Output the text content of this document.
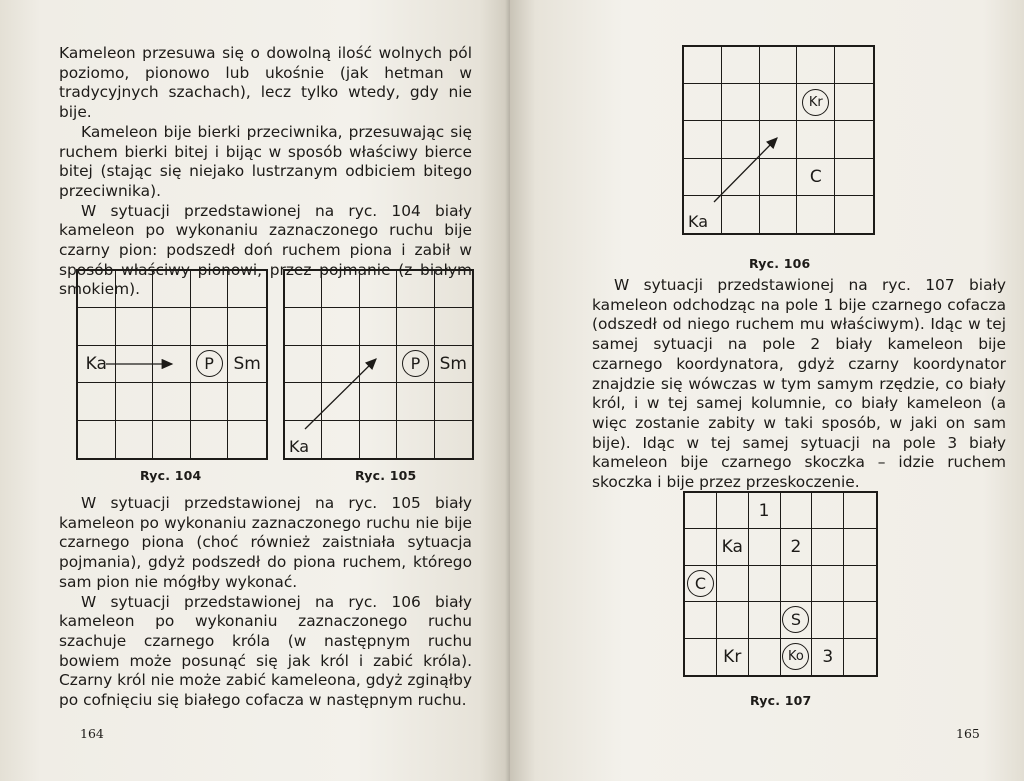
Kameleon przesuwa się o dowolną ilość wolnych pól poziomo, pionowo lub ukośnie (jak hetman w tradycyjnych szachach), lecz tylko wtedy, gdy nie bije.

Kameleon bije bierki przeciwnika, przesuwając się ruchem bierki bitej i bijąc w sposób właściwy bierce bitej (stając się niejako lustrzanym odbiciem bitego przeciwnika).

W sytuacji przedstawionej na ryc. 104 biały kameleon po wykonaniu zaznaczonego ruchu bije czarny pion: podszedł doń ruchem piona i zabił w sposób właściwy pionowi, przez pojmanie (z białym smokiem).

Ka	P	Sm
Ryc. 104
P	Sm
Ka
Ryc. 105

W sytuacji przedstawionej na ryc. 105 biały kameleon po wykonaniu zaznaczonego ruchu nie bije czarnego piona (choć również zaistniała sytuacja pojmania), gdyż podszedł do piona ruchem, którego sam pion nie mógłby wykonać.

W sytuacji przedstawionej na ryc. 106 biały kameleon po wykonaniu zaznaczonego ruchu szachuje czarnego króla (w następnym ruchu bowiem może posunąć się jak król i zabić króla). Czarny król nie może zabić kameleona, gdyż zginąłby po cofnięciu się białego cofacza w następnym ruchu.

164
Kr
C
Ka
Ryc. 106

W sytuacji przedstawionej na ryc. 107 biały kameleon odchodząc na pole 1 bije czarnego cofacza (odszedł od niego ruchem mu właściwym). Idąc w tej samej sytuacji na pole 2 biały kameleon bije czarnego koordynatora, gdyż czarny koordynator znajdzie się wówczas w tym samym rzędzie, co biały król, i w tej samej kolumnie, co biały kameleon (a więc zostanie zabity w taki sposób, w jaki on sam bije). Idąc w tej samej sytuacji na pole 3 biały kameleon bije czarnego skoczka – idzie ruchem skoczka i bije przez przeskoczenie.

1
Ka	2
C
S
Kr	Ko	3
Ryc. 107
165
